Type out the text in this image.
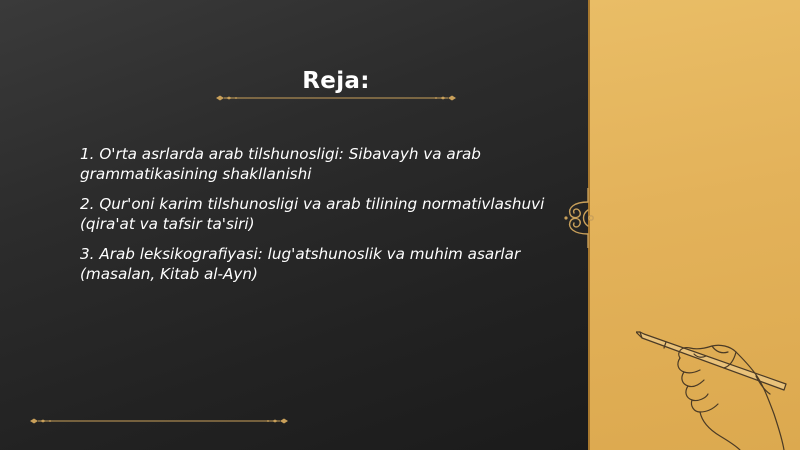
Reja:
1. O'rta asrlarda arab tilshunosligi: Sibavayh va arab grammatikasining shakllanishi
2. Qur'oni karim tilshunosligi va arab tilining normativlashuvi (qira'at va tafsir ta'siri)
3. Arab leksikografiyasi: lug'atshunoslik va muhim asarlar (masalan, Kitab al-Ayn)
